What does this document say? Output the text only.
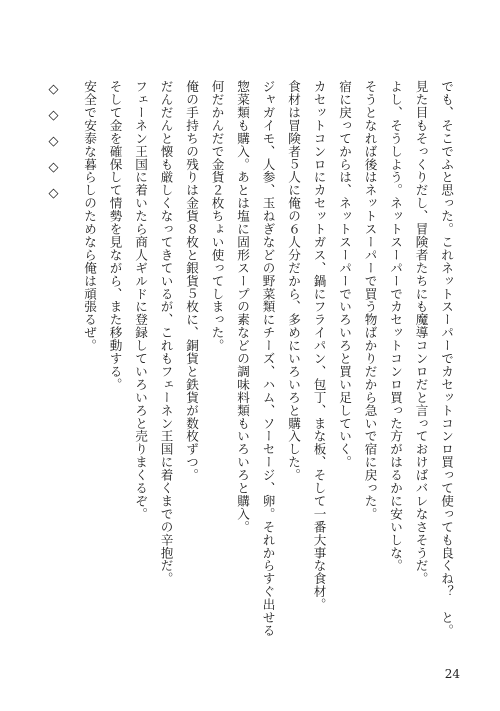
でも、そこでふと思った。これネットスーパーでカセットコンロ買って使っても良くね？　と。
見た目もそっくりだし、冒険者たちにも魔導コンロだと言っておけばバレなさそうだ。
よし、そうしよう。ネットスーパーでカセットコンロ買った方がはるかに安いしな。
そうとなれば後はネットスーパーで買う物ばかりだから急いで宿に戻った。
宿に戻ってからは、ネットスーパーでいろいろと買い足していく。
カセットコンロにカセットガス、鍋にフライパン、包丁、まな板、そして一番大事な食材。
食材は冒険者５人に俺の６人分だから、多めにいろいろと購入した。
ジャガイモ、人参、玉ねぎなどの野菜類にチーズ、ハム、ソーセージ、卵。それからすぐ出せる
惣菜類も購入。あとは塩に固形スープの素などの調味料類もいろいろと購入。
何だかんだで金貨２枚ちょい使ってしまった。
俺の手持ちの残りは金貨８枚と銀貨５枚に、銅貨と鉄貨が数枚ずつ。
だんだんと懐も厳しくなってきているが、これもフェーネン王国に着くまでの辛抱だ。
フェーネン王国に着いたら商人ギルドに登録していろいろと売りまくるぞ。
そして金を確保して情勢を見ながら、また移動する。
安全で安泰な暮らしのためなら俺は頑張るぜ。
◇◇◇◇◇
24
